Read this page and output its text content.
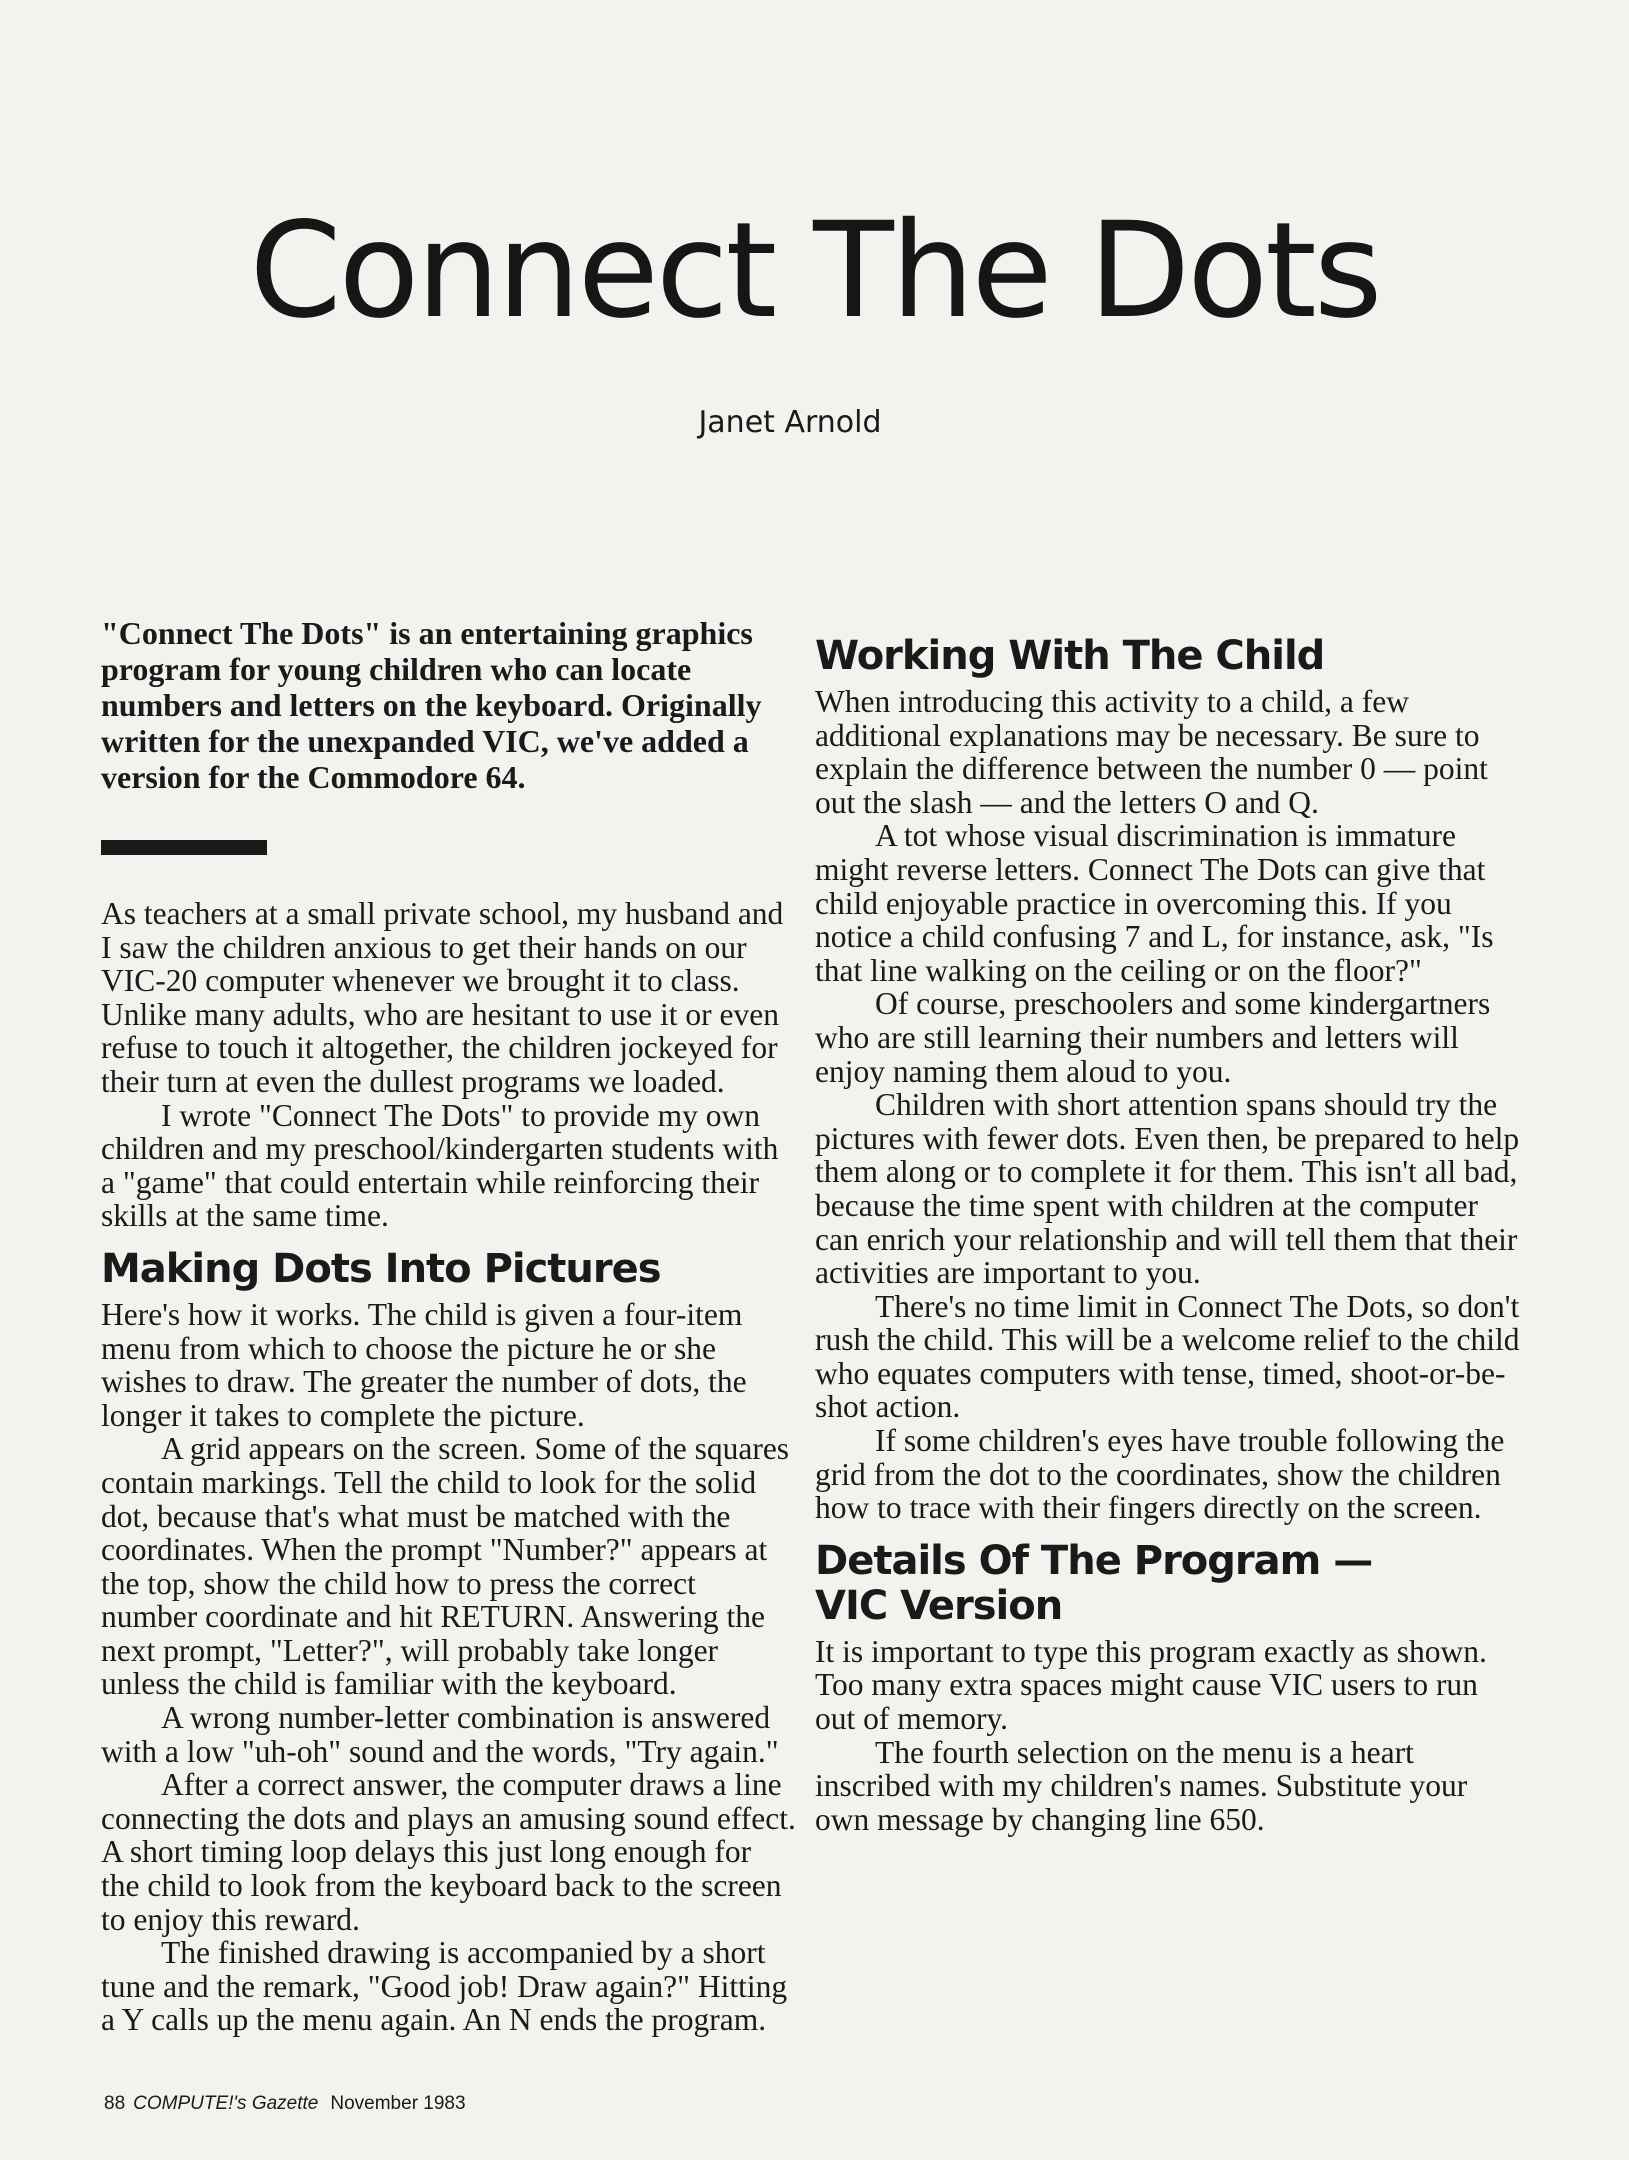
Connect The Dots

Janet Arnold

"Connect The Dots" is an entertaining graphics program for young children who can locate numbers and letters on the keyboard. Originally written for the unexpanded VIC, we've added a version for the Commodore 64.

As teachers at a small private school, my husband and I saw the children anxious to get their hands on our VIC-20 computer whenever we brought it to class. Unlike many adults, who are hesitant to use it or even refuse to touch it altogether, the children jockeyed for their turn at even the dullest programs we loaded.

I wrote "Connect The Dots" to provide my own children and my preschool/kindergarten students with a "game" that could entertain while reinforcing their skills at the same time.

Making Dots Into Pictures

Here's how it works. The child is given a four-item menu from which to choose the picture he or she wishes to draw. The greater the number of dots, the longer it takes to complete the picture.

A grid appears on the screen. Some of the squares contain markings. Tell the child to look for the solid dot, because that's what must be matched with the coordinates. When the prompt "Number?" appears at the top, show the child how to press the correct number coordinate and hit RETURN. Answering the next prompt, "Letter?", will probably take longer unless the child is familiar with the keyboard.

A wrong number-letter combination is answered with a low "uh-oh" sound and the words, "Try again."

After a correct answer, the computer draws a line connecting the dots and plays an amusing sound effect. A short timing loop delays this just long enough for the child to look from the keyboard back to the screen to enjoy this reward.

The finished drawing is accompanied by a short tune and the remark, "Good job! Draw again?" Hitting a Y calls up the menu again. An N ends the program.

Working With The Child

When introducing this activity to a child, a few additional explanations may be necessary. Be sure to explain the difference between the number 0 — point out the slash — and the letters O and Q.

A tot whose visual discrimination is immature might reverse letters. Connect The Dots can give that child enjoyable practice in overcoming this. If you notice a child confusing 7 and L, for instance, ask, "Is that line walking on the ceiling or on the floor?"

Of course, preschoolers and some kindergartners who are still learning their numbers and letters will enjoy naming them aloud to you.

Children with short attention spans should try the pictures with fewer dots. Even then, be prepared to help them along or to complete it for them. This isn't all bad, because the time spent with children at the computer can enrich your relationship and will tell them that their activities are important to you.

There's no time limit in Connect The Dots, so don't rush the child. This will be a welcome relief to the child who equates computers with tense, timed, shoot-or-be-shot action.

If some children's eyes have trouble following the grid from the dot to the coordinates, show the children how to trace with their fingers directly on the screen.

Details Of The Program —
VIC Version

It is important to type this program exactly as shown. Too many extra spaces might cause VIC users to run out of memory.

The fourth selection on the menu is a heart inscribed with my children's names. Substitute your own message by changing line 650.

88 COMPUTE!'s Gazette November 1983
